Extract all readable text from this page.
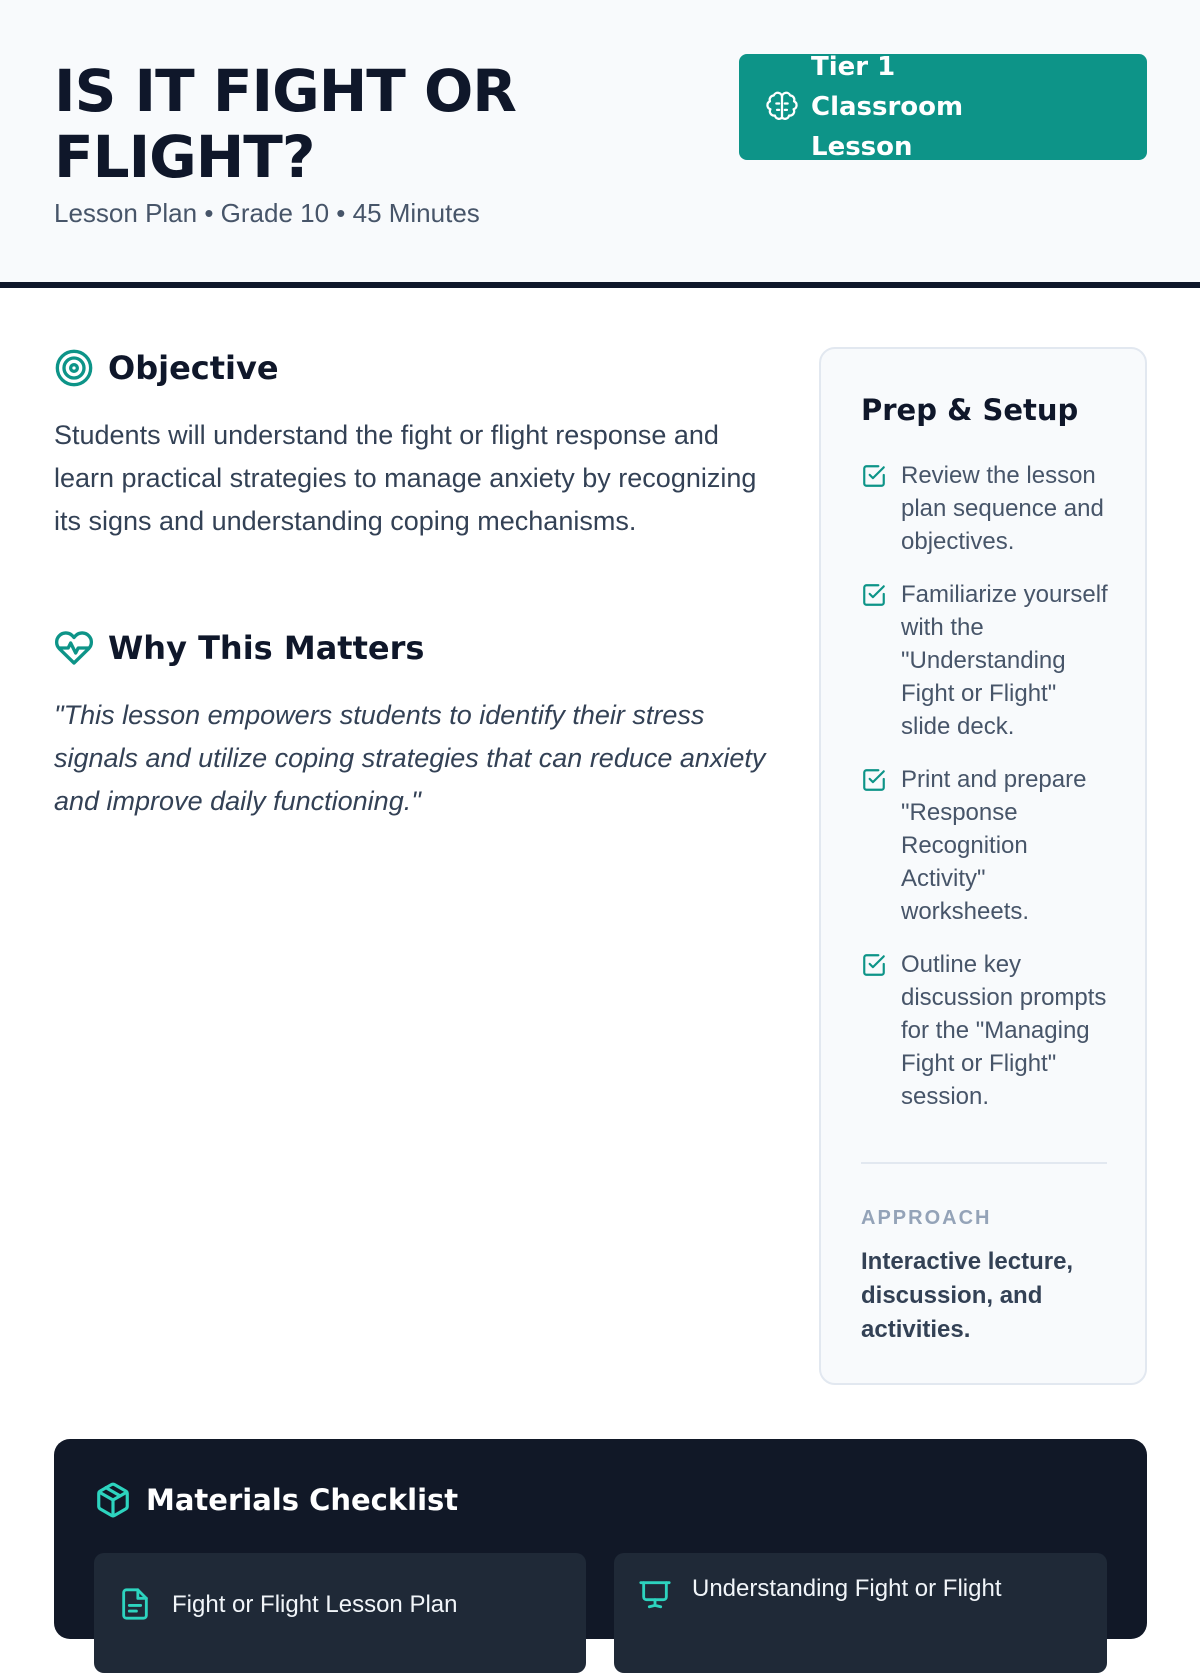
IS IT FIGHT OR FLIGHT?
Lesson Plan • Grade 10 • 45 Minutes
Tier 1 Classroom Lesson
Objective

Students will understand the fight or flight response and learn practical strategies to manage anxiety by recognizing its signs and understanding coping mechanisms.

Why This Matters

"This lesson empowers students to identify their stress signals and utilize coping strategies that can reduce anxiety and improve daily functioning."

Prep & Setup
Review the lesson plan sequence and objectives.
Familiarize yourself with the "Understanding Fight or Flight" slide deck.
Print and prepare "Response Recognition Activity" worksheets.
Outline key discussion prompts for the "Managing Fight or Flight" session.
APPROACH
Interactive lecture, discussion, and activities.
Materials Checklist
Fight or Flight Lesson Plan
Understanding Fight or Flight
